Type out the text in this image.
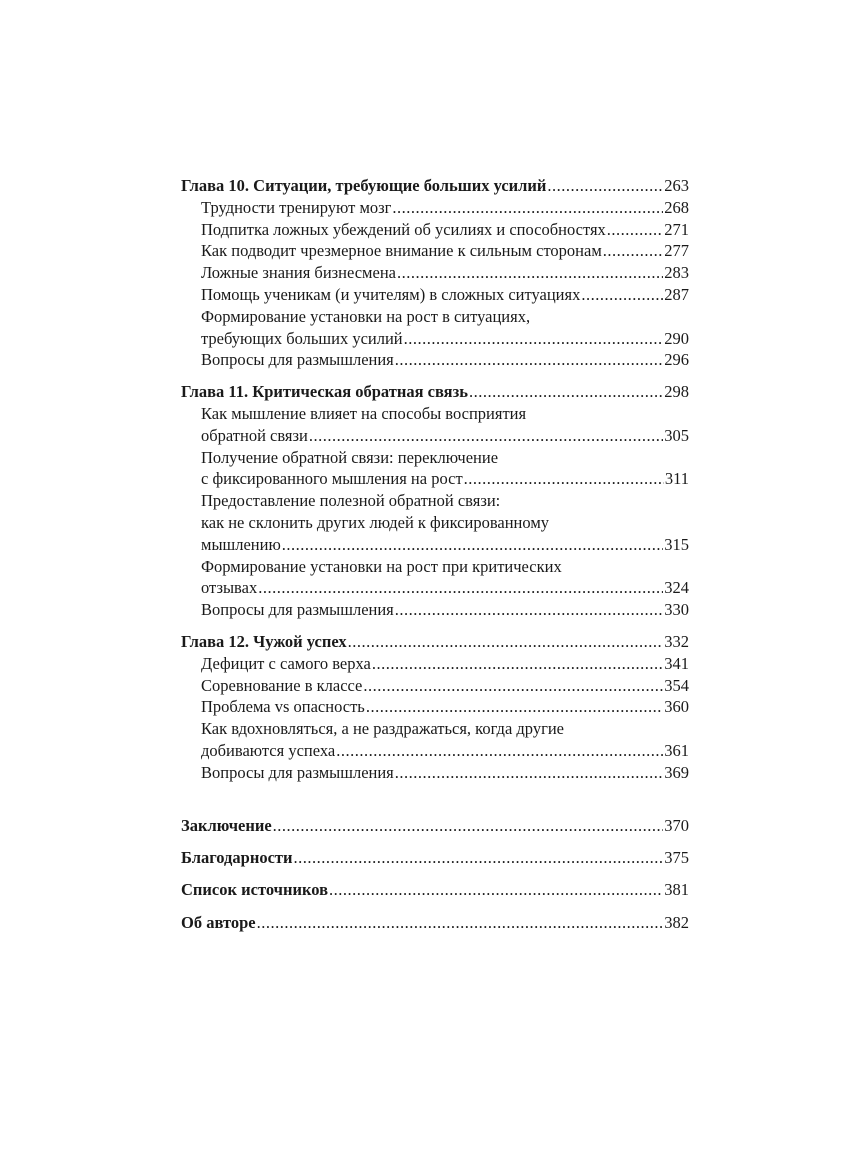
Глава 10. Ситуации, требующие больших усилий .....	263
Трудности тренируют мозг .....	268
Подпитка ложных убеждений об усилиях и способностях .....	271
Как подводит чрезмерное внимание к сильным сторонам .....	277
Ложные знания бизнесмена .....	283
Помощь ученикам (и учителям) в сложных ситуациях .....	287
Формирование установки на рост в ситуациях,
требующих больших усилий .....	290
Вопросы для размышления .....	296
Глава 11. Критическая обратная связь .....	298
Как мышление влияет на способы восприятия
обратной связи .....	305
Получение обратной связи: переключение
с фиксированного мышления на рост .....	311
Предоставление полезной обратной связи:
как не склонить других людей к фиксированному
мышлению .....	315
Формирование установки на рост при критических
отзывах .....	324
Вопросы для размышления .....	330
Глава 12. Чужой успех .....	332
Дефицит с самого верха .....	341
Соревнование в классе .....	354
Проблема vs опасность .....	360
Как вдохновляться, а не раздражаться, когда другие
добиваются успеха .....	361
Вопросы для размышления .....	369
Заключение .....	370
Благодарности .....	375
Список источников .....	381
Об авторе .....	382
